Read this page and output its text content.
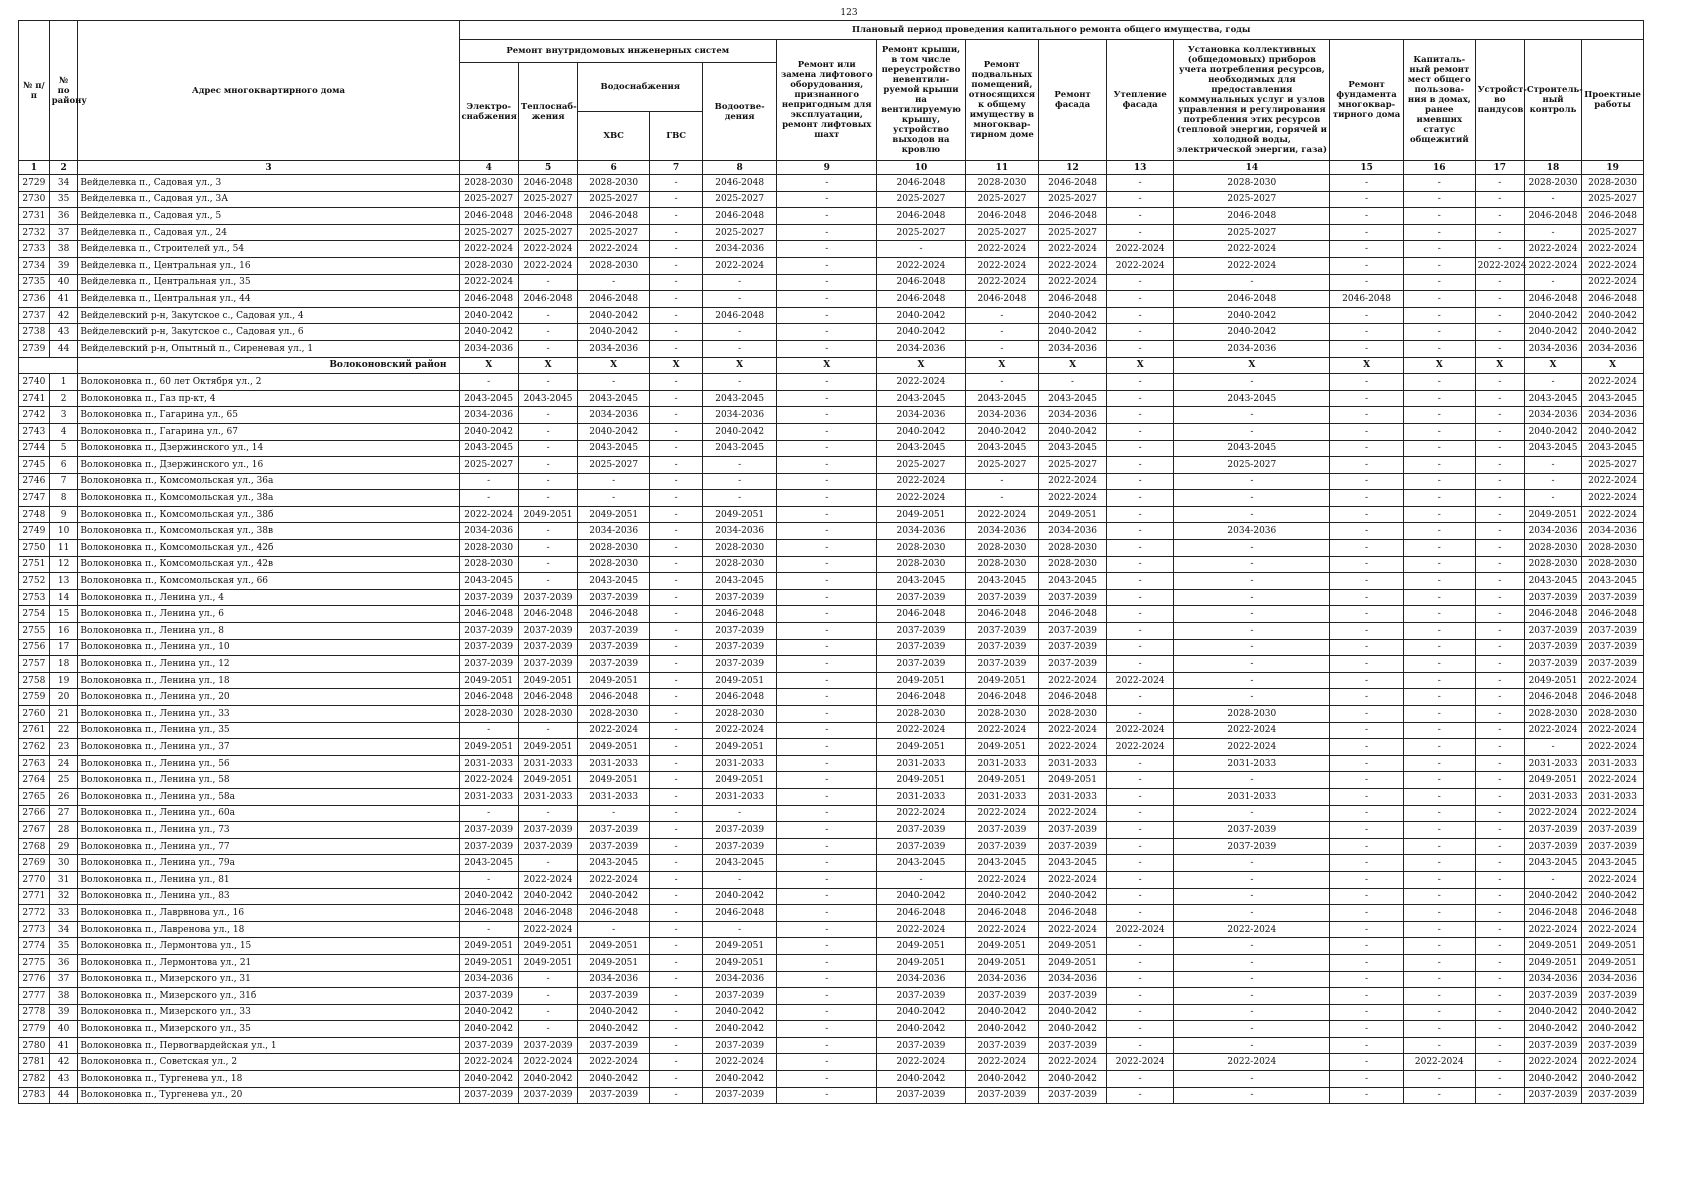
123
№ п/п	№ по району	Адрес многоквартирного дома	Плановый период проведения капитального ремонта общего имущества, годы															
			Ремонт внутридомовых инженерных систем					Ремонт или замена лифтового оборудования, признанного непригодным для эксплуатации, ремонт лифтовых шахт	Ремонт крыши, в том числе переустройство невентили-руемой крыши на вентилируемую крышу, устройство выходов на кровлю	Ремонт подвальных помещений, относящихся к общему имуществу в многоквар-тирном доме	Ремонт фасада	Утепление фасада	Установка коллективных (общедомовых) приборов учета потребления ресурсов, необходимых для предоставления коммунальных услуг и узлов управления и регулирования потребления этих ресурсов (тепловой энергии, горячей и холодной воды, электрической энергии, газа)	Ремонт фундамента многоквар-тирного дома	Капиталь-ный ремонт мест общего пользова-ния в домах, ранее имевших статус общежитий	Устройст-во пандусов	Строитель-ный контроль	Проектные работы
			Электро-снабжения	Теплоснаб-жения	Водоснабжения		Водоотве-дения											
					ХВС	ГВС												
1	2	3	4	5	6	7	8	9	10	11	12	13	14	15	16	17	18	19
2729	34	Вейделевка п., Садовая ул., 3	2028-2030	2046-2048	2028-2030	-	2046-2048	-	2046-2048	2028-2030	2046-2048	-	2028-2030	-	-	-	2028-2030	2028-2030
2730	35	Вейделевка п., Садовая ул., 3А	2025-2027	2025-2027	2025-2027	-	2025-2027	-	2025-2027	2025-2027	2025-2027	-	2025-2027	-	-	-	-	2025-2027
2731	36	Вейделевка п., Садовая ул., 5	2046-2048	2046-2048	2046-2048	-	2046-2048	-	2046-2048	2046-2048	2046-2048	-	2046-2048	-	-	-	2046-2048	2046-2048
2732	37	Вейделевка п., Садовая ул., 24	2025-2027	2025-2027	2025-2027	-	2025-2027	-	2025-2027	2025-2027	2025-2027	-	2025-2027	-	-	-	-	2025-2027
2733	38	Вейделевка п., Строителей ул., 54	2022-2024	2022-2024	2022-2024	-	2034-2036	-	-	2022-2024	2022-2024	2022-2024	2022-2024	-	-	-	2022-2024	2022-2024
2734	39	Вейделевка п., Центральная ул., 16	2028-2030	2022-2024	2028-2030	-	2022-2024	-	2022-2024	2022-2024	2022-2024	2022-2024	2022-2024	-	-	2022-2024	2022-2024	2022-2024
2735	40	Вейделевка п., Центральная ул., 35	2022-2024	-	-	-	-	-	2046-2048	2022-2024	2022-2024	-	-	-	-	-	-	2022-2024
2736	41	Вейделевка п., Центральная ул., 44	2046-2048	2046-2048	2046-2048	-	-	-	2046-2048	2046-2048	2046-2048	-	2046-2048	2046-2048	-	-	2046-2048	2046-2048
2737	42	Вейделевский р-н, Закутское с., Садовая ул., 4	2040-2042	-	2040-2042	-	2046-2048	-	2040-2042	-	2040-2042	-	2040-2042	-	-	-	2040-2042	2040-2042
2738	43	Вейделевский р-н, Закутское с., Садовая ул., 6	2040-2042	-	2040-2042	-	-	-	2040-2042	-	2040-2042	-	2040-2042	-	-	-	2040-2042	2040-2042
2739	44	Вейделевский р-н, Опытный п., Сиреневая ул., 1	2034-2036	-	2034-2036	-	-	-	2034-2036	-	2034-2036	-	2034-2036	-	-	-	2034-2036	2034-2036
		Волоконовский район	X	X	X	X	X	X	X	X	X	X	X	X	X	X	X	X
2740	1	Волоконовка п., 60 лет Октября ул., 2	-	-	-	-	-	-	2022-2024	-	-	-	-	-	-	-	-	2022-2024
2741	2	Волоконовка п., Газ пр-кт, 4	2043-2045	2043-2045	2043-2045	-	2043-2045	-	2043-2045	2043-2045	2043-2045	-	2043-2045	-	-	-	2043-2045	2043-2045
2742	3	Волоконовка п., Гагарина ул., 65	2034-2036	-	2034-2036	-	2034-2036	-	2034-2036	2034-2036	2034-2036	-	-	-	-	-	2034-2036	2034-2036
2743	4	Волоконовка п., Гагарина ул., 67	2040-2042	-	2040-2042	-	2040-2042	-	2040-2042	2040-2042	2040-2042	-	-	-	-	-	2040-2042	2040-2042
2744	5	Волоконовка п., Дзержинского ул., 14	2043-2045	-	2043-2045	-	2043-2045	-	2043-2045	2043-2045	2043-2045	-	2043-2045	-	-	-	2043-2045	2043-2045
2745	6	Волоконовка п., Дзержинского ул., 16	2025-2027	-	2025-2027	-	-	-	2025-2027	2025-2027	2025-2027	-	2025-2027	-	-	-	-	2025-2027
2746	7	Волоконовка п., Комсомольская ул., 36а	-	-	-	-	-	-	2022-2024	-	2022-2024	-	-	-	-	-	-	2022-2024
2747	8	Волоконовка п., Комсомольская ул., 38а	-	-	-	-	-	-	2022-2024	-	2022-2024	-	-	-	-	-	-	2022-2024
2748	9	Волоконовка п., Комсомольская ул., 38б	2022-2024	2049-2051	2049-2051	-	2049-2051	-	2049-2051	2022-2024	2049-2051	-	-	-	-	-	2049-2051	2022-2024
2749	10	Волоконовка п., Комсомольская ул., 38в	2034-2036	-	2034-2036	-	2034-2036	-	2034-2036	2034-2036	2034-2036	-	2034-2036	-	-	-	2034-2036	2034-2036
2750	11	Волоконовка п., Комсомольская ул., 42б	2028-2030	-	2028-2030	-	2028-2030	-	2028-2030	2028-2030	2028-2030	-	-	-	-	-	2028-2030	2028-2030
2751	12	Волоконовка п., Комсомольская ул., 42в	2028-2030	-	2028-2030	-	2028-2030	-	2028-2030	2028-2030	2028-2030	-	-	-	-	-	2028-2030	2028-2030
2752	13	Волоконовка п., Комсомольская ул., 66	2043-2045	-	2043-2045	-	2043-2045	-	2043-2045	2043-2045	2043-2045	-	-	-	-	-	2043-2045	2043-2045
2753	14	Волоконовка п., Ленина ул., 4	2037-2039	2037-2039	2037-2039	-	2037-2039	-	2037-2039	2037-2039	2037-2039	-	-	-	-	-	2037-2039	2037-2039
2754	15	Волоконовка п., Ленина ул., 6	2046-2048	2046-2048	2046-2048	-	2046-2048	-	2046-2048	2046-2048	2046-2048	-	-	-	-	-	2046-2048	2046-2048
2755	16	Волоконовка п., Ленина ул., 8	2037-2039	2037-2039	2037-2039	-	2037-2039	-	2037-2039	2037-2039	2037-2039	-	-	-	-	-	2037-2039	2037-2039
2756	17	Волоконовка п., Ленина ул., 10	2037-2039	2037-2039	2037-2039	-	2037-2039	-	2037-2039	2037-2039	2037-2039	-	-	-	-	-	2037-2039	2037-2039
2757	18	Волоконовка п., Ленина ул., 12	2037-2039	2037-2039	2037-2039	-	2037-2039	-	2037-2039	2037-2039	2037-2039	-	-	-	-	-	2037-2039	2037-2039
2758	19	Волоконовка п., Ленина ул., 18	2049-2051	2049-2051	2049-2051	-	2049-2051	-	2049-2051	2049-2051	2022-2024	2022-2024	-	-	-	-	2049-2051	2022-2024
2759	20	Волоконовка п., Ленина ул., 20	2046-2048	2046-2048	2046-2048	-	2046-2048	-	2046-2048	2046-2048	2046-2048	-	-	-	-	-	2046-2048	2046-2048
2760	21	Волоконовка п., Ленина ул., 33	2028-2030	2028-2030	2028-2030	-	2028-2030	-	2028-2030	2028-2030	2028-2030	-	2028-2030	-	-	-	2028-2030	2028-2030
2761	22	Волоконовка п., Ленина ул., 35	-	-	2022-2024	-	2022-2024	-	2022-2024	2022-2024	2022-2024	2022-2024	2022-2024	-	-	-	2022-2024	2022-2024
2762	23	Волоконовка п., Ленина ул., 37	2049-2051	2049-2051	2049-2051	-	2049-2051	-	2049-2051	2049-2051	2022-2024	2022-2024	2022-2024	-	-	-	-	2022-2024
2763	24	Волоконовка п., Ленина ул., 56	2031-2033	2031-2033	2031-2033	-	2031-2033	-	2031-2033	2031-2033	2031-2033	-	2031-2033	-	-	-	2031-2033	2031-2033
2764	25	Волоконовка п., Ленина ул., 58	2022-2024	2049-2051	2049-2051	-	2049-2051	-	2049-2051	2049-2051	2049-2051	-	-	-	-	-	2049-2051	2022-2024
2765	26	Волоконовка п., Ленина ул., 58а	2031-2033	2031-2033	2031-2033	-	2031-2033	-	2031-2033	2031-2033	2031-2033	-	2031-2033	-	-	-	2031-2033	2031-2033
2766	27	Волоконовка п., Ленина ул., 60а	-	-	-	-	-	-	2022-2024	2022-2024	2022-2024	-	-	-	-	-	2022-2024	2022-2024
2767	28	Волоконовка п., Ленина ул., 73	2037-2039	2037-2039	2037-2039	-	2037-2039	-	2037-2039	2037-2039	2037-2039	-	2037-2039	-	-	-	2037-2039	2037-2039
2768	29	Волоконовка п., Ленина ул., 77	2037-2039	2037-2039	2037-2039	-	2037-2039	-	2037-2039	2037-2039	2037-2039	-	2037-2039	-	-	-	2037-2039	2037-2039
2769	30	Волоконовка п., Ленина ул., 79а	2043-2045	-	2043-2045	-	2043-2045	-	2043-2045	2043-2045	2043-2045	-	-	-	-	-	2043-2045	2043-2045
2770	31	Волоконовка п., Ленина ул., 81	-	2022-2024	2022-2024	-	-	-	-	2022-2024	2022-2024	-	-	-	-	-	-	2022-2024
2771	32	Волоконовка п., Ленина ул., 83	2040-2042	2040-2042	2040-2042	-	2040-2042	-	2040-2042	2040-2042	2040-2042	-	-	-	-	-	2040-2042	2040-2042
2772	33	Волоконовка п., Лаврвнова ул., 16	2046-2048	2046-2048	2046-2048	-	2046-2048	-	2046-2048	2046-2048	2046-2048	-	-	-	-	-	2046-2048	2046-2048
2773	34	Волоконовка п., Лавренова ул., 18	-	2022-2024	-	-	-	-	2022-2024	2022-2024	2022-2024	2022-2024	2022-2024	-	-	-	2022-2024	2022-2024
2774	35	Волоконовка п., Лермонтова ул., 15	2049-2051	2049-2051	2049-2051	-	2049-2051	-	2049-2051	2049-2051	2049-2051	-	-	-	-	-	2049-2051	2049-2051
2775	36	Волоконовка п., Лермонтова ул., 21	2049-2051	2049-2051	2049-2051	-	2049-2051	-	2049-2051	2049-2051	2049-2051	-	-	-	-	-	2049-2051	2049-2051
2776	37	Волоконовка п., Мизерского ул., 31	2034-2036	-	2034-2036	-	2034-2036	-	2034-2036	2034-2036	2034-2036	-	-	-	-	-	2034-2036	2034-2036
2777	38	Волоконовка п., Мизерского ул., 31б	2037-2039	-	2037-2039	-	2037-2039	-	2037-2039	2037-2039	2037-2039	-	-	-	-	-	2037-2039	2037-2039
2778	39	Волоконовка п., Мизерского ул., 33	2040-2042	-	2040-2042	-	2040-2042	-	2040-2042	2040-2042	2040-2042	-	-	-	-	-	2040-2042	2040-2042
2779	40	Волоконовка п., Мизерского ул., 35	2040-2042	-	2040-2042	-	2040-2042	-	2040-2042	2040-2042	2040-2042	-	-	-	-	-	2040-2042	2040-2042
2780	41	Волоконовка п., Первогвардейская ул., 1	2037-2039	2037-2039	2037-2039	-	2037-2039	-	2037-2039	2037-2039	2037-2039	-	-	-	-	-	2037-2039	2037-2039
2781	42	Волоконовка п., Советская ул., 2	2022-2024	2022-2024	2022-2024	-	2022-2024	-	2022-2024	2022-2024	2022-2024	2022-2024	2022-2024	-	2022-2024	-	2022-2024	2022-2024
2782	43	Волоконовка п., Тургенева ул., 18	2040-2042	2040-2042	2040-2042	-	2040-2042	-	2040-2042	2040-2042	2040-2042	-	-	-	-	-	2040-2042	2040-2042
2783	44	Волоконовка п., Тургенева ул., 20	2037-2039	2037-2039	2037-2039	-	2037-2039	-	2037-2039	2037-2039	2037-2039	-	-	-	-	-	2037-2039	2037-2039
